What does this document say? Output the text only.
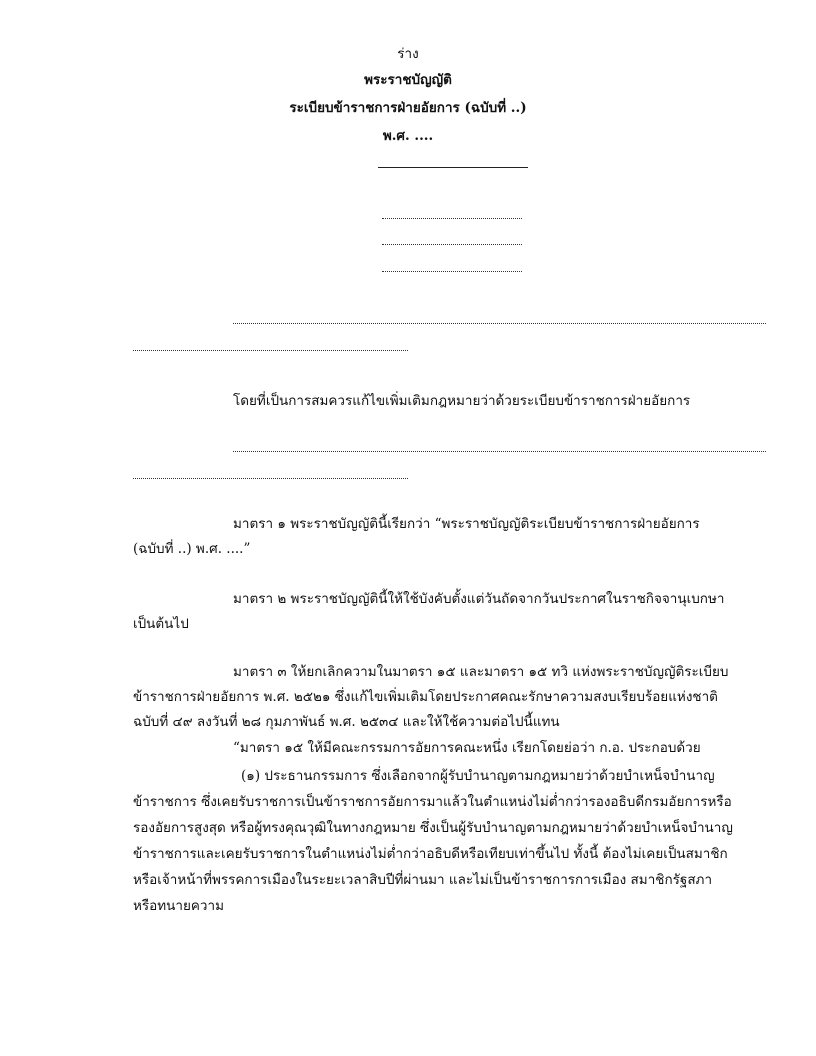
ร่าง
พระราชบัญญัติ
ระเบียบข้าราชการฝ่ายอัยการ (ฉบับที่ ..)
พ.ศ. ....
โดยที่เป็นการสมควรแก้ไขเพิ่มเติมกฎหมายว่าด้วยระเบียบข้าราชการฝ่ายอัยการ
มาตรา ๑ พระราชบัญญัตินี้เรียกว่า “พระราชบัญญัติระเบียบข้าราชการฝ่ายอัยการ
(ฉบับที่ ..) พ.ศ. ....”
มาตรา ๒ พระราชบัญญัตินี้ให้ใช้บังคับตั้งแต่วันถัดจากวันประกาศในราชกิจจานุเบกษา
เป็นต้นไป
มาตรา ๓ ให้ยกเลิกความในมาตรา ๑๕ และมาตรา ๑๕ ทวิ แห่งพระราชบัญญัติระเบียบ
ข้าราชการฝ่ายอัยการ พ.ศ. ๒๕๒๑ ซึ่งแก้ไขเพิ่มเติมโดยประกาศคณะรักษาความสงบเรียบร้อยแห่งชาติ
ฉบับที่ ๔๙ ลงวันที่ ๒๘ กุมภาพันธ์ พ.ศ. ๒๕๓๔ และให้ใช้ความต่อไปนี้แทน
“มาตรา ๑๕ ให้มีคณะกรรมการอัยการคณะหนึ่ง เรียกโดยย่อว่า ก.อ. ประกอบด้วย
(๑) ประธานกรรมการ ซึ่งเลือกจากผู้รับบำนาญตามกฎหมายว่าด้วยบำเหน็จบำนาญ
ข้าราชการ ซึ่งเคยรับราชการเป็นข้าราชการอัยการมาแล้วในตำแหน่งไม่ต่ำกว่ารองอธิบดีกรมอัยการหรือ
รองอัยการสูงสุด หรือผู้ทรงคุณวุฒิในทางกฎหมาย ซึ่งเป็นผู้รับบำนาญตามกฎหมายว่าด้วยบำเหน็จบำนาญ
ข้าราชการและเคยรับราชการในตำแหน่งไม่ต่ำกว่าอธิบดีหรือเทียบเท่าขึ้นไป ทั้งนี้ ต้องไม่เคยเป็นสมาชิก
หรือเจ้าหน้าที่พรรคการเมืองในระยะเวลาสิบปีที่ผ่านมา และไม่เป็นข้าราชการการเมือง สมาชิกรัฐสภา
หรือทนายความ
